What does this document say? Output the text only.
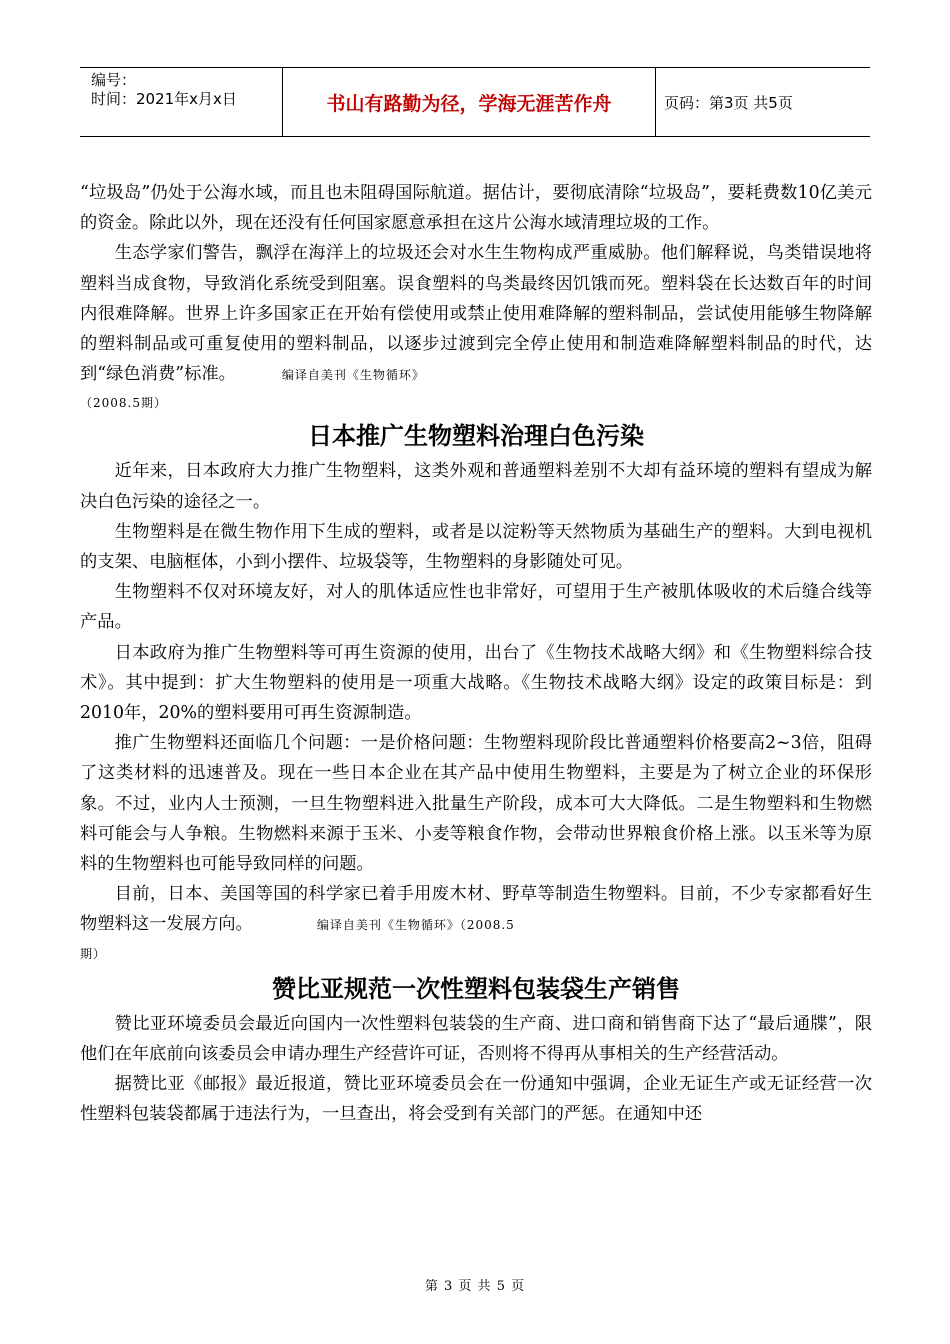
编号：
时间：2021年x月x日	书山有路勤为径，学海无涯苦作舟	页码：第3页 共5页

“垃圾岛”仍处于公海水域，而且也未阻碍国际航道。据估计，要彻底清除“垃圾岛”，要耗费数10亿美元的资金。除此以外，现在还没有任何国家愿意承担在这片公海水域清理垃圾的工作。

生态学家们警告，飘浮在海洋上的垃圾还会对水生生物构成严重威胁。他们解释说，鸟类错误地将塑料当成食物，导致消化系统受到阻塞。误食塑料的鸟类最终因饥饿而死。塑料袋在长达数百年的时间内很难降解。世界上许多国家正在开始有偿使用或禁止使用难降解的塑料制品，尝试使用能够生物降解的塑料制品或可重复使用的塑料制品，以逐步过渡到完全停止使用和制造难降解塑料制品的时代，达到“绿色消费”标准。	编译自美刊《生物循环》

（2008.5期）
日本推广生物塑料治理白色污染

近年来，日本政府大力推广生物塑料，这类外观和普通塑料差别不大却有益环境的塑料有望成为解决白色污染的途径之一。

生物塑料是在微生物作用下生成的塑料，或者是以淀粉等天然物质为基础生产的塑料。大到电视机的支架、电脑框体，小到小摆件、垃圾袋等，生物塑料的身影随处可见。

生物塑料不仅对环境友好，对人的肌体适应性也非常好，可望用于生产被肌体吸收的术后缝合线等产品。

日本政府为推广生物塑料等可再生资源的使用，出台了《生物技术战略大纲》和《生物塑料综合技术》。其中提到：扩大生物塑料的使用是一项重大战略。《生物技术战略大纲》设定的政策目标是：到2010年，20%的塑料要用可再生资源制造。

推广生物塑料还面临几个问题：一是价格问题：生物塑料现阶段比普通塑料价格要高2~3倍，阻碍了这类材料的迅速普及。现在一些日本企业在其产品中使用生物塑料，主要是为了树立企业的环保形象。不过，业内人士预测，一旦生物塑料进入批量生产阶段，成本可大大降低。二是生物塑料和生物燃料可能会与人争粮。生物燃料来源于玉米、小麦等粮食作物，会带动世界粮食价格上涨。以玉米等为原料的生物塑料也可能导致同样的问题。

目前，日本、美国等国的科学家已着手用废木材、野草等制造生物塑料。目前，不少专家都看好生物塑料这一发展方向。	编译自美刊《生物循环》（2008.5

期）
赞比亚规范一次性塑料包装袋生产销售

赞比亚环境委员会最近向国内一次性塑料包装袋的生产商、进口商和销售商下达了“最后通牒”，限他们在年底前向该委员会申请办理生产经营许可证，否则将不得再从事相关的生产经营活动。

据赞比亚《邮报》最近报道，赞比亚环境委员会在一份通知中强调，企业无证生产或无证经营一次性塑料包装袋都属于违法行为，一旦查出，将会受到有关部门的严惩。在通知中还

第 3 页 共 5 页
